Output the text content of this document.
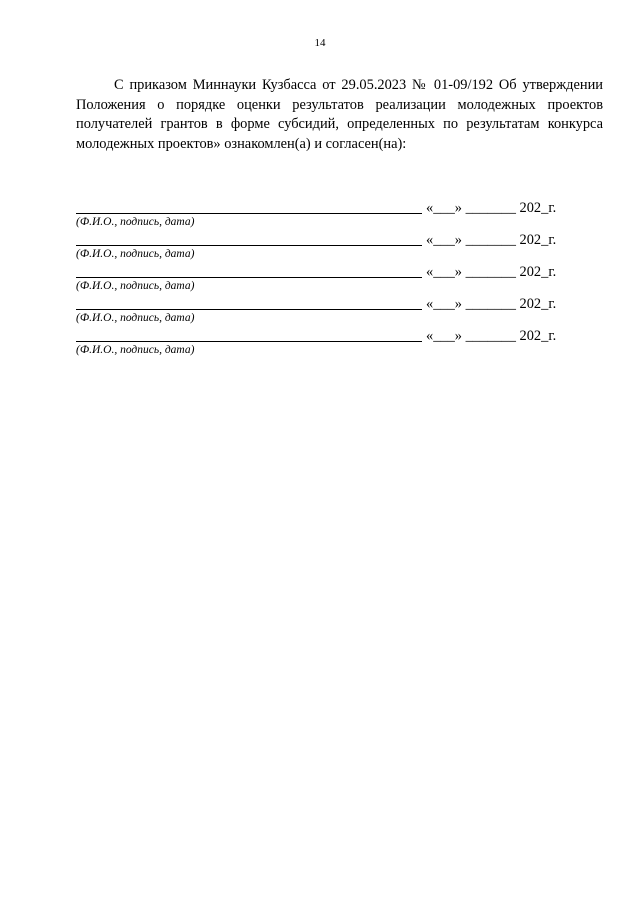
14

С приказом Миннауки Кузбасса от 29.05.2023 № 01-09/192 Об утверждении Положения о порядке оценки результатов реализации молодежных проектов получателей грантов в форме субсидий, определенных по результатам конкурса молодежных проектов» ознакомлен(а) и согласен(на):

«___» _______ 202_г.
(Ф.И.О., подпись, дата)
«___» _______ 202_г.
(Ф.И.О., подпись, дата)
«___» _______ 202_г.
(Ф.И.О., подпись, дата)
«___» _______ 202_г.
(Ф.И.О., подпись, дата)
«___» _______ 202_г.
(Ф.И.О., подпись, дата)
